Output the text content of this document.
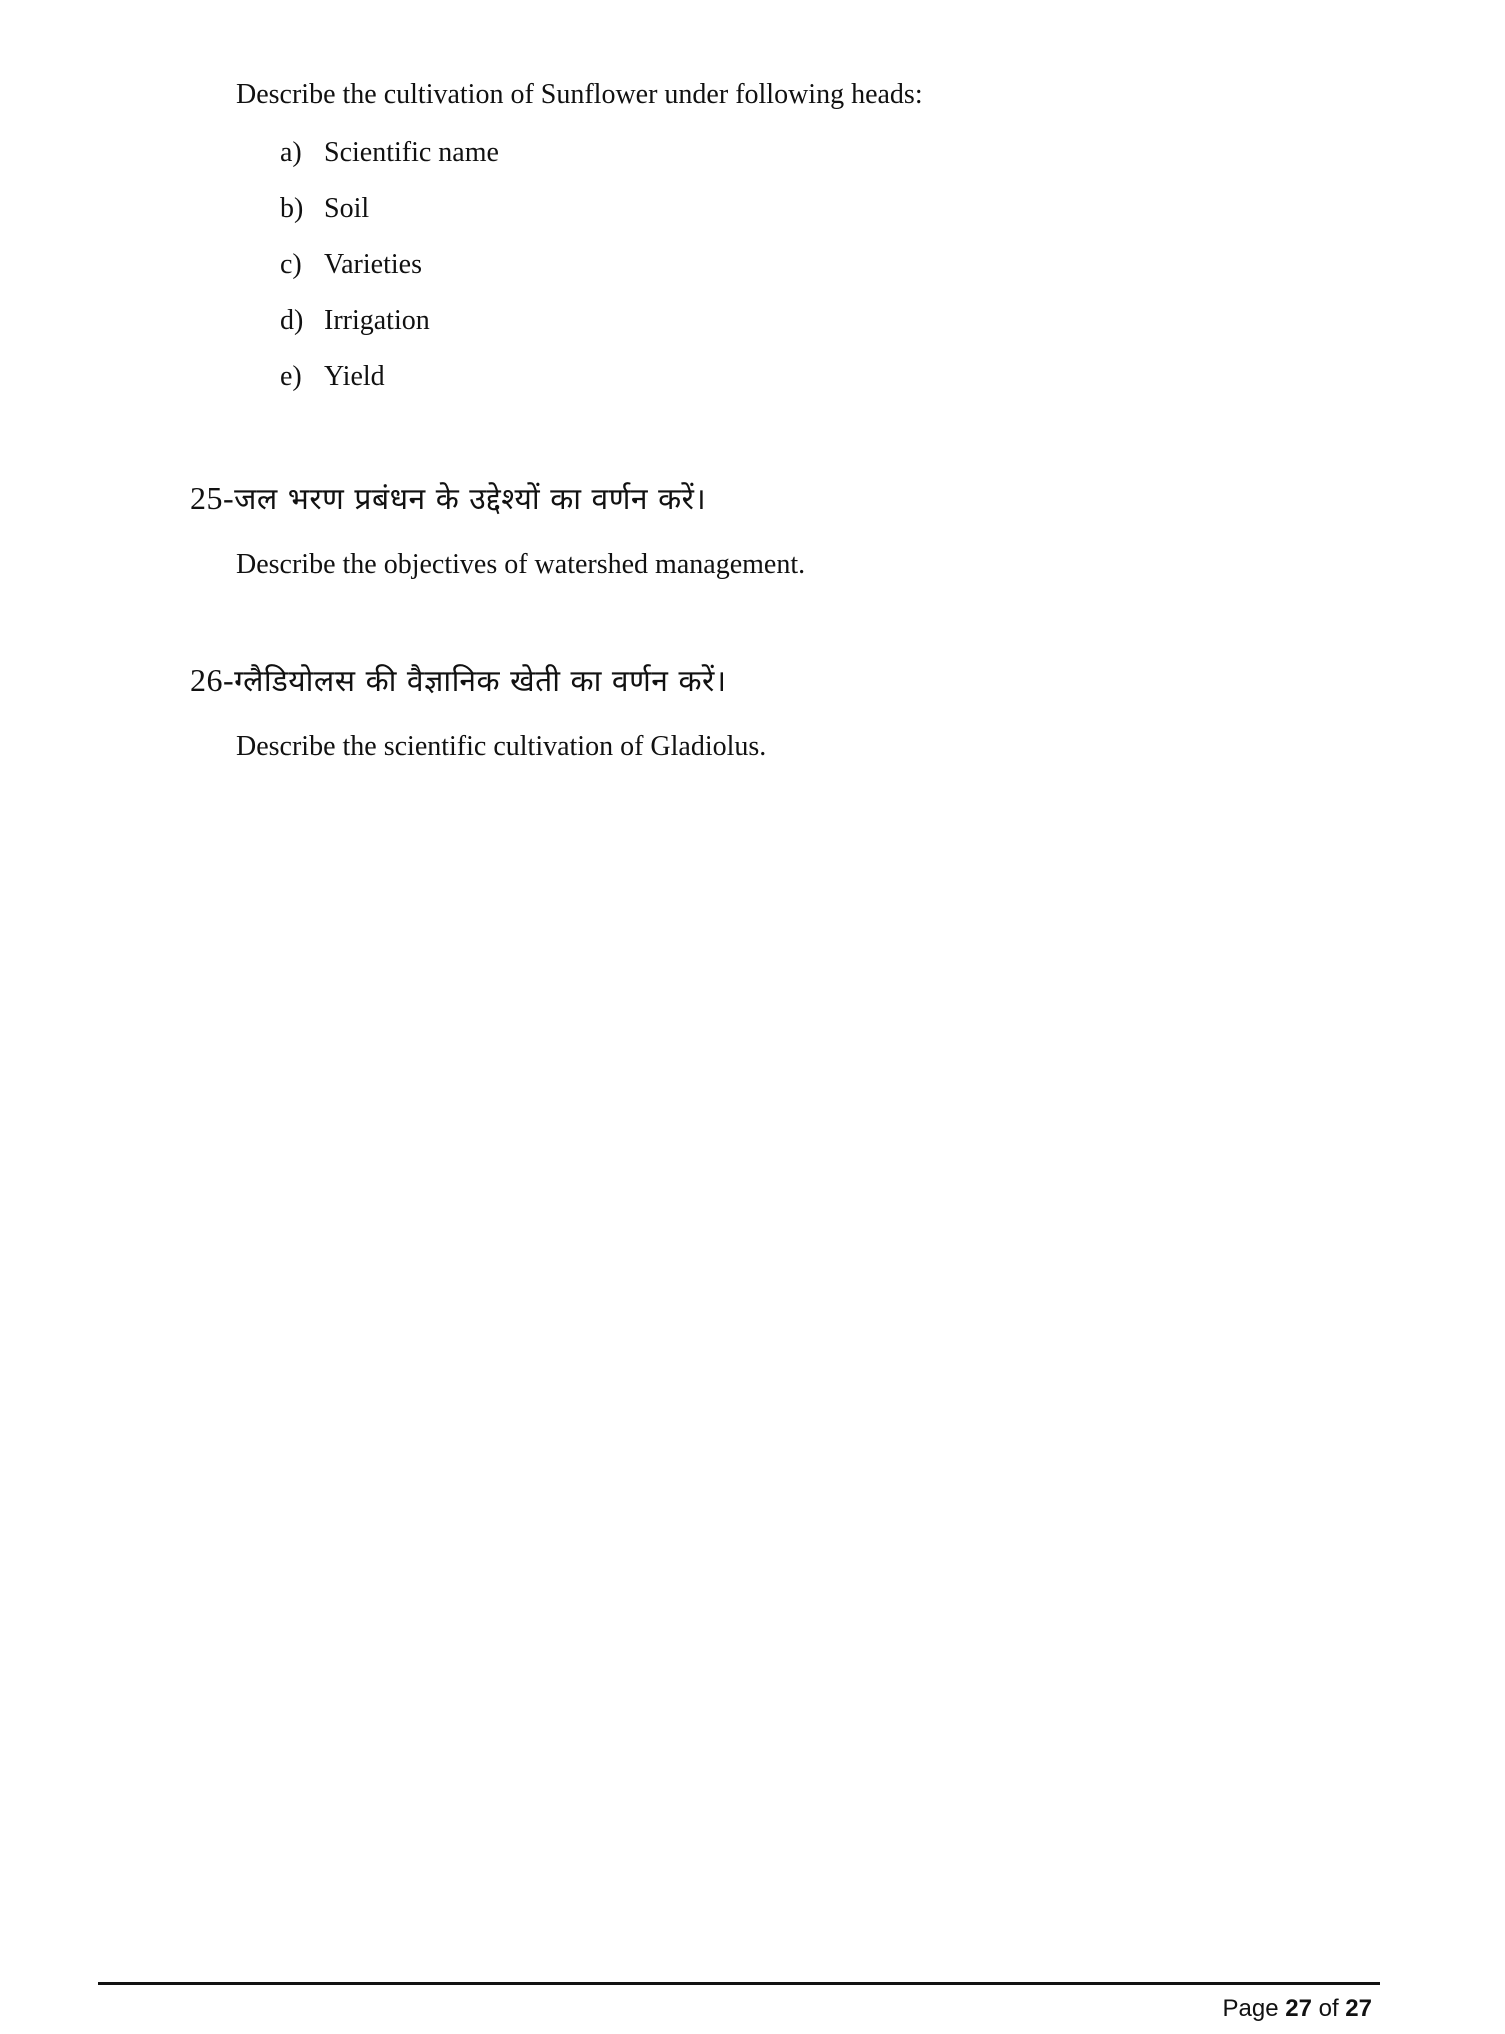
Describe the cultivation of Sunflower under following heads:

a) Scientific name
b) Soil
c) Varieties
d) Irrigation
e) Yield

25-जल भरण प्रबंधन के उद्देश्यों का वर्णन करें।

Describe the objectives of watershed management.

26-ग्लैडियोलस की वैज्ञानिक खेती का वर्णन करें।

Describe the scientific cultivation of Gladiolus.

Page 27 of 27
